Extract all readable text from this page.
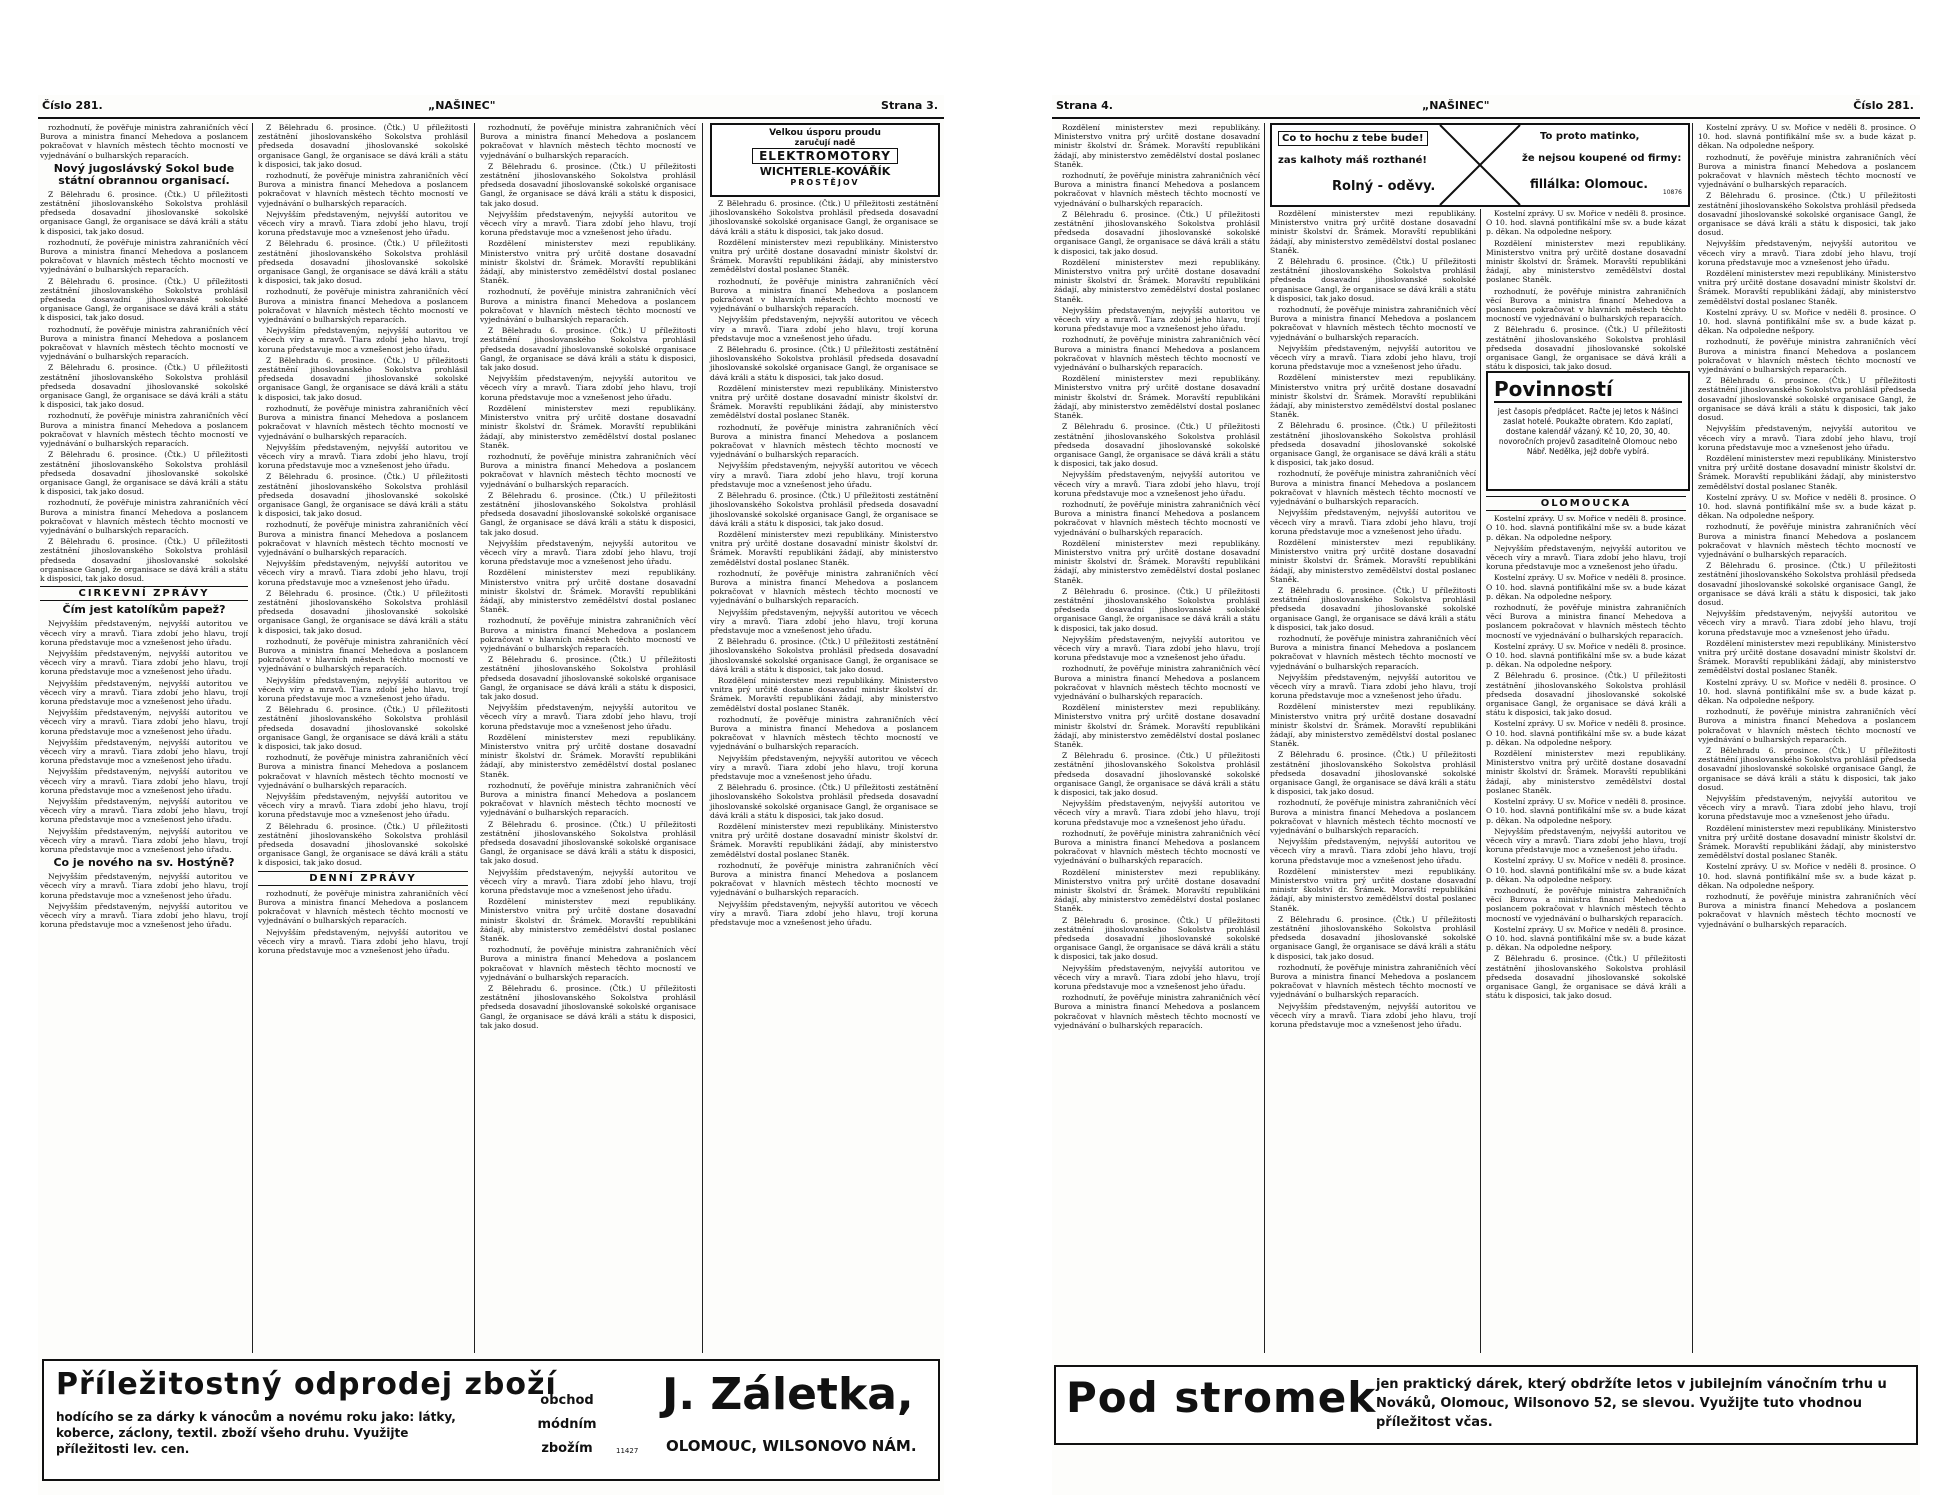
Číslo 281.	„NAŠINEC"	Strana 3.

rozhodnutí, že pověřuje ministra zahraničních věcí Burova a ministra financí Mehedova a poslancem pokračovat v hlavních městech těchto mocností ve vyjednávání o bulharských reparacích.

Nový jugoslávský Sokol bude státní obrannou organisací.

Z Bělehradu 6. prosince. (Čtk.) U příležitosti zestátnění jihoslovanského Sokolstva prohlásil předseda dosavadní jihoslovanské sokolské organisace Gangl, že organisace se dává králi a státu k disposici, tak jako dosud.

rozhodnutí, že pověřuje ministra zahraničních věcí Burova a ministra financí Mehedova a poslancem pokračovat v hlavních městech těchto mocností ve vyjednávání o bulharských reparacích.

Z Bělehradu 6. prosince. (Čtk.) U příležitosti zestátnění jihoslovanského Sokolstva prohlásil předseda dosavadní jihoslovanské sokolské organisace Gangl, že organisace se dává králi a státu k disposici, tak jako dosud.

rozhodnutí, že pověřuje ministra zahraničních věcí Burova a ministra financí Mehedova a poslancem pokračovat v hlavních městech těchto mocností ve vyjednávání o bulharských reparacích.

Z Bělehradu 6. prosince. (Čtk.) U příležitosti zestátnění jihoslovanského Sokolstva prohlásil předseda dosavadní jihoslovanské sokolské organisace Gangl, že organisace se dává králi a státu k disposici, tak jako dosud.

rozhodnutí, že pověřuje ministra zahraničních věcí Burova a ministra financí Mehedova a poslancem pokračovat v hlavních městech těchto mocností ve vyjednávání o bulharských reparacích.

Z Bělehradu 6. prosince. (Čtk.) U příležitosti zestátnění jihoslovanského Sokolstva prohlásil předseda dosavadní jihoslovanské sokolské organisace Gangl, že organisace se dává králi a státu k disposici, tak jako dosud.

rozhodnutí, že pověřuje ministra zahraničních věcí Burova a ministra financí Mehedova a poslancem pokračovat v hlavních městech těchto mocností ve vyjednávání o bulharských reparacích.

Z Bělehradu 6. prosince. (Čtk.) U příležitosti zestátnění jihoslovanského Sokolstva prohlásil předseda dosavadní jihoslovanské sokolské organisace Gangl, že organisace se dává králi a státu k disposici, tak jako dosud.

CIRKEVNÍ ZPRÁVY
Čím jest katolíkům papež?

Nejvyšším představeným, nejvyšší autoritou ve věcech víry a mravů. Tiara zdobí jeho hlavu, trojí koruna představuje moc a vznešenost jeho úřadu.

Nejvyšším představeným, nejvyšší autoritou ve věcech víry a mravů. Tiara zdobí jeho hlavu, trojí koruna představuje moc a vznešenost jeho úřadu.

Nejvyšším představeným, nejvyšší autoritou ve věcech víry a mravů. Tiara zdobí jeho hlavu, trojí koruna představuje moc a vznešenost jeho úřadu.

Nejvyšším představeným, nejvyšší autoritou ve věcech víry a mravů. Tiara zdobí jeho hlavu, trojí koruna představuje moc a vznešenost jeho úřadu.

Nejvyšším představeným, nejvyšší autoritou ve věcech víry a mravů. Tiara zdobí jeho hlavu, trojí koruna představuje moc a vznešenost jeho úřadu.

Nejvyšším představeným, nejvyšší autoritou ve věcech víry a mravů. Tiara zdobí jeho hlavu, trojí koruna představuje moc a vznešenost jeho úřadu.

Nejvyšším představeným, nejvyšší autoritou ve věcech víry a mravů. Tiara zdobí jeho hlavu, trojí koruna představuje moc a vznešenost jeho úřadu.

Nejvyšším představeným, nejvyšší autoritou ve věcech víry a mravů. Tiara zdobí jeho hlavu, trojí koruna představuje moc a vznešenost jeho úřadu.

Co je nového na sv. Hostýně?

Nejvyšším představeným, nejvyšší autoritou ve věcech víry a mravů. Tiara zdobí jeho hlavu, trojí koruna představuje moc a vznešenost jeho úřadu.

Nejvyšším představeným, nejvyšší autoritou ve věcech víry a mravů. Tiara zdobí jeho hlavu, trojí koruna představuje moc a vznešenost jeho úřadu.

Z Bělehradu 6. prosince. (Čtk.) U příležitosti zestátnění jihoslovanského Sokolstva prohlásil předseda dosavadní jihoslovanské sokolské organisace Gangl, že organisace se dává králi a státu k disposici, tak jako dosud.

rozhodnutí, že pověřuje ministra zahraničních věcí Burova a ministra financí Mehedova a poslancem pokračovat v hlavních městech těchto mocností ve vyjednávání o bulharských reparacích.

Nejvyšším představeným, nejvyšší autoritou ve věcech víry a mravů. Tiara zdobí jeho hlavu, trojí koruna představuje moc a vznešenost jeho úřadu.

Z Bělehradu 6. prosince. (Čtk.) U příležitosti zestátnění jihoslovanského Sokolstva prohlásil předseda dosavadní jihoslovanské sokolské organisace Gangl, že organisace se dává králi a státu k disposici, tak jako dosud.

rozhodnutí, že pověřuje ministra zahraničních věcí Burova a ministra financí Mehedova a poslancem pokračovat v hlavních městech těchto mocností ve vyjednávání o bulharských reparacích.

Nejvyšším představeným, nejvyšší autoritou ve věcech víry a mravů. Tiara zdobí jeho hlavu, trojí koruna představuje moc a vznešenost jeho úřadu.

Z Bělehradu 6. prosince. (Čtk.) U příležitosti zestátnění jihoslovanského Sokolstva prohlásil předseda dosavadní jihoslovanské sokolské organisace Gangl, že organisace se dává králi a státu k disposici, tak jako dosud.

rozhodnutí, že pověřuje ministra zahraničních věcí Burova a ministra financí Mehedova a poslancem pokračovat v hlavních městech těchto mocností ve vyjednávání o bulharských reparacích.

Nejvyšším představeným, nejvyšší autoritou ve věcech víry a mravů. Tiara zdobí jeho hlavu, trojí koruna představuje moc a vznešenost jeho úřadu.

Z Bělehradu 6. prosince. (Čtk.) U příležitosti zestátnění jihoslovanského Sokolstva prohlásil předseda dosavadní jihoslovanské sokolské organisace Gangl, že organisace se dává králi a státu k disposici, tak jako dosud.

rozhodnutí, že pověřuje ministra zahraničních věcí Burova a ministra financí Mehedova a poslancem pokračovat v hlavních městech těchto mocností ve vyjednávání o bulharských reparacích.

Nejvyšším představeným, nejvyšší autoritou ve věcech víry a mravů. Tiara zdobí jeho hlavu, trojí koruna představuje moc a vznešenost jeho úřadu.

Z Bělehradu 6. prosince. (Čtk.) U příležitosti zestátnění jihoslovanského Sokolstva prohlásil předseda dosavadní jihoslovanské sokolské organisace Gangl, že organisace se dává králi a státu k disposici, tak jako dosud.

rozhodnutí, že pověřuje ministra zahraničních věcí Burova a ministra financí Mehedova a poslancem pokračovat v hlavních městech těchto mocností ve vyjednávání o bulharských reparacích.

Nejvyšším představeným, nejvyšší autoritou ve věcech víry a mravů. Tiara zdobí jeho hlavu, trojí koruna představuje moc a vznešenost jeho úřadu.

Z Bělehradu 6. prosince. (Čtk.) U příležitosti zestátnění jihoslovanského Sokolstva prohlásil předseda dosavadní jihoslovanské sokolské organisace Gangl, že organisace se dává králi a státu k disposici, tak jako dosud.

rozhodnutí, že pověřuje ministra zahraničních věcí Burova a ministra financí Mehedova a poslancem pokračovat v hlavních městech těchto mocností ve vyjednávání o bulharských reparacích.

Nejvyšším představeným, nejvyšší autoritou ve věcech víry a mravů. Tiara zdobí jeho hlavu, trojí koruna představuje moc a vznešenost jeho úřadu.

Z Bělehradu 6. prosince. (Čtk.) U příležitosti zestátnění jihoslovanského Sokolstva prohlásil předseda dosavadní jihoslovanské sokolské organisace Gangl, že organisace se dává králi a státu k disposici, tak jako dosud.

DENNÍ ZPRÁVY

rozhodnutí, že pověřuje ministra zahraničních věcí Burova a ministra financí Mehedova a poslancem pokračovat v hlavních městech těchto mocností ve vyjednávání o bulharských reparacích.

Nejvyšším představeným, nejvyšší autoritou ve věcech víry a mravů. Tiara zdobí jeho hlavu, trojí koruna představuje moc a vznešenost jeho úřadu.

rozhodnutí, že pověřuje ministra zahraničních věcí Burova a ministra financí Mehedova a poslancem pokračovat v hlavních městech těchto mocností ve vyjednávání o bulharských reparacích.

Z Bělehradu 6. prosince. (Čtk.) U příležitosti zestátnění jihoslovanského Sokolstva prohlásil předseda dosavadní jihoslovanské sokolské organisace Gangl, že organisace se dává králi a státu k disposici, tak jako dosud.

Nejvyšším představeným, nejvyšší autoritou ve věcech víry a mravů. Tiara zdobí jeho hlavu, trojí koruna představuje moc a vznešenost jeho úřadu.

Rozdělení ministerstev mezi republikány. Ministerstvo vnitra prý určitě dostane dosavadní ministr školství dr. Šrámek. Moravští republikáni žádají, aby ministerstvo zemědělství dostal poslanec Staněk.

rozhodnutí, že pověřuje ministra zahraničních věcí Burova a ministra financí Mehedova a poslancem pokračovat v hlavních městech těchto mocností ve vyjednávání o bulharských reparacích.

Z Bělehradu 6. prosince. (Čtk.) U příležitosti zestátnění jihoslovanského Sokolstva prohlásil předseda dosavadní jihoslovanské sokolské organisace Gangl, že organisace se dává králi a státu k disposici, tak jako dosud.

Nejvyšším představeným, nejvyšší autoritou ve věcech víry a mravů. Tiara zdobí jeho hlavu, trojí koruna představuje moc a vznešenost jeho úřadu.

Rozdělení ministerstev mezi republikány. Ministerstvo vnitra prý určitě dostane dosavadní ministr školství dr. Šrámek. Moravští republikáni žádají, aby ministerstvo zemědělství dostal poslanec Staněk.

rozhodnutí, že pověřuje ministra zahraničních věcí Burova a ministra financí Mehedova a poslancem pokračovat v hlavních městech těchto mocností ve vyjednávání o bulharských reparacích.

Z Bělehradu 6. prosince. (Čtk.) U příležitosti zestátnění jihoslovanského Sokolstva prohlásil předseda dosavadní jihoslovanské sokolské organisace Gangl, že organisace se dává králi a státu k disposici, tak jako dosud.

Nejvyšším představeným, nejvyšší autoritou ve věcech víry a mravů. Tiara zdobí jeho hlavu, trojí koruna představuje moc a vznešenost jeho úřadu.

Rozdělení ministerstev mezi republikány. Ministerstvo vnitra prý určitě dostane dosavadní ministr školství dr. Šrámek. Moravští republikáni žádají, aby ministerstvo zemědělství dostal poslanec Staněk.

rozhodnutí, že pověřuje ministra zahraničních věcí Burova a ministra financí Mehedova a poslancem pokračovat v hlavních městech těchto mocností ve vyjednávání o bulharských reparacích.

Z Bělehradu 6. prosince. (Čtk.) U příležitosti zestátnění jihoslovanského Sokolstva prohlásil předseda dosavadní jihoslovanské sokolské organisace Gangl, že organisace se dává králi a státu k disposici, tak jako dosud.

Nejvyšším představeným, nejvyšší autoritou ve věcech víry a mravů. Tiara zdobí jeho hlavu, trojí koruna představuje moc a vznešenost jeho úřadu.

Rozdělení ministerstev mezi republikány. Ministerstvo vnitra prý určitě dostane dosavadní ministr školství dr. Šrámek. Moravští republikáni žádají, aby ministerstvo zemědělství dostal poslanec Staněk.

rozhodnutí, že pověřuje ministra zahraničních věcí Burova a ministra financí Mehedova a poslancem pokračovat v hlavních městech těchto mocností ve vyjednávání o bulharských reparacích.

Z Bělehradu 6. prosince. (Čtk.) U příležitosti zestátnění jihoslovanského Sokolstva prohlásil předseda dosavadní jihoslovanské sokolské organisace Gangl, že organisace se dává králi a státu k disposici, tak jako dosud.

Nejvyšším představeným, nejvyšší autoritou ve věcech víry a mravů. Tiara zdobí jeho hlavu, trojí koruna představuje moc a vznešenost jeho úřadu.

Rozdělení ministerstev mezi republikány. Ministerstvo vnitra prý určitě dostane dosavadní ministr školství dr. Šrámek. Moravští republikáni žádají, aby ministerstvo zemědělství dostal poslanec Staněk.

rozhodnutí, že pověřuje ministra zahraničních věcí Burova a ministra financí Mehedova a poslancem pokračovat v hlavních městech těchto mocností ve vyjednávání o bulharských reparacích.

Z Bělehradu 6. prosince. (Čtk.) U příležitosti zestátnění jihoslovanského Sokolstva prohlásil předseda dosavadní jihoslovanské sokolské organisace Gangl, že organisace se dává králi a státu k disposici, tak jako dosud.

Velkou úsporu proudu
zaručují nadě
ELEKTROMOTORY
WICHTERLE-KOVÁŘÍK
PROSTĚJOV

Z Bělehradu 6. prosince. (Čtk.) U příležitosti zestátnění jihoslovanského Sokolstva prohlásil předseda dosavadní jihoslovanské sokolské organisace Gangl, že organisace se dává králi a státu k disposici, tak jako dosud.

Rozdělení ministerstev mezi republikány. Ministerstvo vnitra prý určitě dostane dosavadní ministr školství dr. Šrámek. Moravští republikáni žádají, aby ministerstvo zemědělství dostal poslanec Staněk.

rozhodnutí, že pověřuje ministra zahraničních věcí Burova a ministra financí Mehedova a poslancem pokračovat v hlavních městech těchto mocností ve vyjednávání o bulharských reparacích.

Nejvyšším představeným, nejvyšší autoritou ve věcech víry a mravů. Tiara zdobí jeho hlavu, trojí koruna představuje moc a vznešenost jeho úřadu.

Z Bělehradu 6. prosince. (Čtk.) U příležitosti zestátnění jihoslovanského Sokolstva prohlásil předseda dosavadní jihoslovanské sokolské organisace Gangl, že organisace se dává králi a státu k disposici, tak jako dosud.

Rozdělení ministerstev mezi republikány. Ministerstvo vnitra prý určitě dostane dosavadní ministr školství dr. Šrámek. Moravští republikáni žádají, aby ministerstvo zemědělství dostal poslanec Staněk.

rozhodnutí, že pověřuje ministra zahraničních věcí Burova a ministra financí Mehedova a poslancem pokračovat v hlavních městech těchto mocností ve vyjednávání o bulharských reparacích.

Nejvyšším představeným, nejvyšší autoritou ve věcech víry a mravů. Tiara zdobí jeho hlavu, trojí koruna představuje moc a vznešenost jeho úřadu.

Z Bělehradu 6. prosince. (Čtk.) U příležitosti zestátnění jihoslovanského Sokolstva prohlásil předseda dosavadní jihoslovanské sokolské organisace Gangl, že organisace se dává králi a státu k disposici, tak jako dosud.

Rozdělení ministerstev mezi republikány. Ministerstvo vnitra prý určitě dostane dosavadní ministr školství dr. Šrámek. Moravští republikáni žádají, aby ministerstvo zemědělství dostal poslanec Staněk.

rozhodnutí, že pověřuje ministra zahraničních věcí Burova a ministra financí Mehedova a poslancem pokračovat v hlavních městech těchto mocností ve vyjednávání o bulharských reparacích.

Nejvyšším představeným, nejvyšší autoritou ve věcech víry a mravů. Tiara zdobí jeho hlavu, trojí koruna představuje moc a vznešenost jeho úřadu.

Z Bělehradu 6. prosince. (Čtk.) U příležitosti zestátnění jihoslovanského Sokolstva prohlásil předseda dosavadní jihoslovanské sokolské organisace Gangl, že organisace se dává králi a státu k disposici, tak jako dosud.

Rozdělení ministerstev mezi republikány. Ministerstvo vnitra prý určitě dostane dosavadní ministr školství dr. Šrámek. Moravští republikáni žádají, aby ministerstvo zemědělství dostal poslanec Staněk.

rozhodnutí, že pověřuje ministra zahraničních věcí Burova a ministra financí Mehedova a poslancem pokračovat v hlavních městech těchto mocností ve vyjednávání o bulharských reparacích.

Nejvyšším představeným, nejvyšší autoritou ve věcech víry a mravů. Tiara zdobí jeho hlavu, trojí koruna představuje moc a vznešenost jeho úřadu.

Z Bělehradu 6. prosince. (Čtk.) U příležitosti zestátnění jihoslovanského Sokolstva prohlásil předseda dosavadní jihoslovanské sokolské organisace Gangl, že organisace se dává králi a státu k disposici, tak jako dosud.

Rozdělení ministerstev mezi republikány. Ministerstvo vnitra prý určitě dostane dosavadní ministr školství dr. Šrámek. Moravští republikáni žádají, aby ministerstvo zemědělství dostal poslanec Staněk.

rozhodnutí, že pověřuje ministra zahraničních věcí Burova a ministra financí Mehedova a poslancem pokračovat v hlavních městech těchto mocností ve vyjednávání o bulharských reparacích.

Nejvyšším představeným, nejvyšší autoritou ve věcech víry a mravů. Tiara zdobí jeho hlavu, trojí koruna představuje moc a vznešenost jeho úřadu.

Příležitostný odprodej zboží
hodícího se za dárky k vánocům a novému roku jako: látky, koberce, záclony, textil. zboží všeho druhu. Využijte příležitosti lev. cen.
obchod módním zbožím	11427
J. Záletka,
OLOMOUC, WILSONOVO NÁM.
Strana 4.	„NAŠINEC"	Číslo 281.

Rozdělení ministerstev mezi republikány. Ministerstvo vnitra prý určitě dostane dosavadní ministr školství dr. Šrámek. Moravští republikáni žádají, aby ministerstvo zemědělství dostal poslanec Staněk.

rozhodnutí, že pověřuje ministra zahraničních věcí Burova a ministra financí Mehedova a poslancem pokračovat v hlavních městech těchto mocností ve vyjednávání o bulharských reparacích.

Z Bělehradu 6. prosince. (Čtk.) U příležitosti zestátnění jihoslovanského Sokolstva prohlásil předseda dosavadní jihoslovanské sokolské organisace Gangl, že organisace se dává králi a státu k disposici, tak jako dosud.

Rozdělení ministerstev mezi republikány. Ministerstvo vnitra prý určitě dostane dosavadní ministr školství dr. Šrámek. Moravští republikáni žádají, aby ministerstvo zemědělství dostal poslanec Staněk.

Nejvyšším představeným, nejvyšší autoritou ve věcech víry a mravů. Tiara zdobí jeho hlavu, trojí koruna představuje moc a vznešenost jeho úřadu.

rozhodnutí, že pověřuje ministra zahraničních věcí Burova a ministra financí Mehedova a poslancem pokračovat v hlavních městech těchto mocností ve vyjednávání o bulharských reparacích.

Rozdělení ministerstev mezi republikány. Ministerstvo vnitra prý určitě dostane dosavadní ministr školství dr. Šrámek. Moravští republikáni žádají, aby ministerstvo zemědělství dostal poslanec Staněk.

Z Bělehradu 6. prosince. (Čtk.) U příležitosti zestátnění jihoslovanského Sokolstva prohlásil předseda dosavadní jihoslovanské sokolské organisace Gangl, že organisace se dává králi a státu k disposici, tak jako dosud.

Nejvyšším představeným, nejvyšší autoritou ve věcech víry a mravů. Tiara zdobí jeho hlavu, trojí koruna představuje moc a vznešenost jeho úřadu.

rozhodnutí, že pověřuje ministra zahraničních věcí Burova a ministra financí Mehedova a poslancem pokračovat v hlavních městech těchto mocností ve vyjednávání o bulharských reparacích.

Rozdělení ministerstev mezi republikány. Ministerstvo vnitra prý určitě dostane dosavadní ministr školství dr. Šrámek. Moravští republikáni žádají, aby ministerstvo zemědělství dostal poslanec Staněk.

Z Bělehradu 6. prosince. (Čtk.) U příležitosti zestátnění jihoslovanského Sokolstva prohlásil předseda dosavadní jihoslovanské sokolské organisace Gangl, že organisace se dává králi a státu k disposici, tak jako dosud.

Nejvyšším představeným, nejvyšší autoritou ve věcech víry a mravů. Tiara zdobí jeho hlavu, trojí koruna představuje moc a vznešenost jeho úřadu.

rozhodnutí, že pověřuje ministra zahraničních věcí Burova a ministra financí Mehedova a poslancem pokračovat v hlavních městech těchto mocností ve vyjednávání o bulharských reparacích.

Rozdělení ministerstev mezi republikány. Ministerstvo vnitra prý určitě dostane dosavadní ministr školství dr. Šrámek. Moravští republikáni žádají, aby ministerstvo zemědělství dostal poslanec Staněk.

Z Bělehradu 6. prosince. (Čtk.) U příležitosti zestátnění jihoslovanského Sokolstva prohlásil předseda dosavadní jihoslovanské sokolské organisace Gangl, že organisace se dává králi a státu k disposici, tak jako dosud.

Nejvyšším představeným, nejvyšší autoritou ve věcech víry a mravů. Tiara zdobí jeho hlavu, trojí koruna představuje moc a vznešenost jeho úřadu.

rozhodnutí, že pověřuje ministra zahraničních věcí Burova a ministra financí Mehedova a poslancem pokračovat v hlavních městech těchto mocností ve vyjednávání o bulharských reparacích.

Rozdělení ministerstev mezi republikány. Ministerstvo vnitra prý určitě dostane dosavadní ministr školství dr. Šrámek. Moravští republikáni žádají, aby ministerstvo zemědělství dostal poslanec Staněk.

Z Bělehradu 6. prosince. (Čtk.) U příležitosti zestátnění jihoslovanského Sokolstva prohlásil předseda dosavadní jihoslovanské sokolské organisace Gangl, že organisace se dává králi a státu k disposici, tak jako dosud.

Nejvyšším představeným, nejvyšší autoritou ve věcech víry a mravů. Tiara zdobí jeho hlavu, trojí koruna představuje moc a vznešenost jeho úřadu.

rozhodnutí, že pověřuje ministra zahraničních věcí Burova a ministra financí Mehedova a poslancem pokračovat v hlavních městech těchto mocností ve vyjednávání o bulharských reparacích.

Co to hochu z tebe bude!
zas kalhoty máš rozthané!
Rolný - oděvy.
To proto matinko,
že nejsou koupené od firmy:
fillálka: Olomouc.
10876

Rozdělení ministerstev mezi republikány. Ministerstvo vnitra prý určitě dostane dosavadní ministr školství dr. Šrámek. Moravští republikáni žádají, aby ministerstvo zemědělství dostal poslanec Staněk.

Z Bělehradu 6. prosince. (Čtk.) U příležitosti zestátnění jihoslovanského Sokolstva prohlásil předseda dosavadní jihoslovanské sokolské organisace Gangl, že organisace se dává králi a státu k disposici, tak jako dosud.

rozhodnutí, že pověřuje ministra zahraničních věcí Burova a ministra financí Mehedova a poslancem pokračovat v hlavních městech těchto mocností ve vyjednávání o bulharských reparacích.

Nejvyšším představeným, nejvyšší autoritou ve věcech víry a mravů. Tiara zdobí jeho hlavu, trojí koruna představuje moc a vznešenost jeho úřadu.

Rozdělení ministerstev mezi republikány. Ministerstvo vnitra prý určitě dostane dosavadní ministr školství dr. Šrámek. Moravští republikáni žádají, aby ministerstvo zemědělství dostal poslanec Staněk.

Z Bělehradu 6. prosince. (Čtk.) U příležitosti zestátnění jihoslovanského Sokolstva prohlásil předseda dosavadní jihoslovanské sokolské organisace Gangl, že organisace se dává králi a státu k disposici, tak jako dosud.

rozhodnutí, že pověřuje ministra zahraničních věcí Burova a ministra financí Mehedova a poslancem pokračovat v hlavních městech těchto mocností ve vyjednávání o bulharských reparacích.

Nejvyšším představeným, nejvyšší autoritou ve věcech víry a mravů. Tiara zdobí jeho hlavu, trojí koruna představuje moc a vznešenost jeho úřadu.

Rozdělení ministerstev mezi republikány. Ministerstvo vnitra prý určitě dostane dosavadní ministr školství dr. Šrámek. Moravští republikáni žádají, aby ministerstvo zemědělství dostal poslanec Staněk.

Z Bělehradu 6. prosince. (Čtk.) U příležitosti zestátnění jihoslovanského Sokolstva prohlásil předseda dosavadní jihoslovanské sokolské organisace Gangl, že organisace se dává králi a státu k disposici, tak jako dosud.

rozhodnutí, že pověřuje ministra zahraničních věcí Burova a ministra financí Mehedova a poslancem pokračovat v hlavních městech těchto mocností ve vyjednávání o bulharských reparacích.

Nejvyšším představeným, nejvyšší autoritou ve věcech víry a mravů. Tiara zdobí jeho hlavu, trojí koruna představuje moc a vznešenost jeho úřadu.

Rozdělení ministerstev mezi republikány. Ministerstvo vnitra prý určitě dostane dosavadní ministr školství dr. Šrámek. Moravští republikáni žádají, aby ministerstvo zemědělství dostal poslanec Staněk.

Z Bělehradu 6. prosince. (Čtk.) U příležitosti zestátnění jihoslovanského Sokolstva prohlásil předseda dosavadní jihoslovanské sokolské organisace Gangl, že organisace se dává králi a státu k disposici, tak jako dosud.

rozhodnutí, že pověřuje ministra zahraničních věcí Burova a ministra financí Mehedova a poslancem pokračovat v hlavních městech těchto mocností ve vyjednávání o bulharských reparacích.

Nejvyšším představeným, nejvyšší autoritou ve věcech víry a mravů. Tiara zdobí jeho hlavu, trojí koruna představuje moc a vznešenost jeho úřadu.

Rozdělení ministerstev mezi republikány. Ministerstvo vnitra prý určitě dostane dosavadní ministr školství dr. Šrámek. Moravští republikáni žádají, aby ministerstvo zemědělství dostal poslanec Staněk.

Z Bělehradu 6. prosince. (Čtk.) U příležitosti zestátnění jihoslovanského Sokolstva prohlásil předseda dosavadní jihoslovanské sokolské organisace Gangl, že organisace se dává králi a státu k disposici, tak jako dosud.

rozhodnutí, že pověřuje ministra zahraničních věcí Burova a ministra financí Mehedova a poslancem pokračovat v hlavních městech těchto mocností ve vyjednávání o bulharských reparacích.

Nejvyšším představeným, nejvyšší autoritou ve věcech víry a mravů. Tiara zdobí jeho hlavu, trojí koruna představuje moc a vznešenost jeho úřadu.

Povinností
jest časopis předplácet. Račte jej letos k Nášinci zaslat hotelé. Poukažte obratem. Kdo zaplatí, dostane kalendář vázaný. Kč 10, 20, 30, 40. novoročních projevů zasaditelně Olomouc nebo Nábř. Nedělka, jejž dobře vybírá.

Kostelní zprávy. U sv. Mořice v neděli 8. prosince. O 10. hod. slavná pontifikální mše sv. a bude kázat p. děkan. Na odpoledne nešpory.

Rozdělení ministerstev mezi republikány. Ministerstvo vnitra prý určitě dostane dosavadní ministr školství dr. Šrámek. Moravští republikáni žádají, aby ministerstvo zemědělství dostal poslanec Staněk.

rozhodnutí, že pověřuje ministra zahraničních věcí Burova a ministra financí Mehedova a poslancem pokračovat v hlavních městech těchto mocností ve vyjednávání o bulharských reparacích.

Z Bělehradu 6. prosince. (Čtk.) U příležitosti zestátnění jihoslovanského Sokolstva prohlásil předseda dosavadní jihoslovanské sokolské organisace Gangl, že organisace se dává králi a státu k disposici, tak jako dosud.

OLOMOUCKA

Kostelní zprávy. U sv. Mořice v neděli 8. prosince. O 10. hod. slavná pontifikální mše sv. a bude kázat p. děkan. Na odpoledne nešpory.

Nejvyšším představeným, nejvyšší autoritou ve věcech víry a mravů. Tiara zdobí jeho hlavu, trojí koruna představuje moc a vznešenost jeho úřadu.

Kostelní zprávy. U sv. Mořice v neděli 8. prosince. O 10. hod. slavná pontifikální mše sv. a bude kázat p. děkan. Na odpoledne nešpory.

rozhodnutí, že pověřuje ministra zahraničních věcí Burova a ministra financí Mehedova a poslancem pokračovat v hlavních městech těchto mocností ve vyjednávání o bulharských reparacích.

Kostelní zprávy. U sv. Mořice v neděli 8. prosince. O 10. hod. slavná pontifikální mše sv. a bude kázat p. děkan. Na odpoledne nešpory.

Z Bělehradu 6. prosince. (Čtk.) U příležitosti zestátnění jihoslovanského Sokolstva prohlásil předseda dosavadní jihoslovanské sokolské organisace Gangl, že organisace se dává králi a státu k disposici, tak jako dosud.

Kostelní zprávy. U sv. Mořice v neděli 8. prosince. O 10. hod. slavná pontifikální mše sv. a bude kázat p. děkan. Na odpoledne nešpory.

Rozdělení ministerstev mezi republikány. Ministerstvo vnitra prý určitě dostane dosavadní ministr školství dr. Šrámek. Moravští republikáni žádají, aby ministerstvo zemědělství dostal poslanec Staněk.

Kostelní zprávy. U sv. Mořice v neděli 8. prosince. O 10. hod. slavná pontifikální mše sv. a bude kázat p. děkan. Na odpoledne nešpory.

Nejvyšším představeným, nejvyšší autoritou ve věcech víry a mravů. Tiara zdobí jeho hlavu, trojí koruna představuje moc a vznešenost jeho úřadu.

Kostelní zprávy. U sv. Mořice v neděli 8. prosince. O 10. hod. slavná pontifikální mše sv. a bude kázat p. děkan. Na odpoledne nešpory.

rozhodnutí, že pověřuje ministra zahraničních věcí Burova a ministra financí Mehedova a poslancem pokračovat v hlavních městech těchto mocností ve vyjednávání o bulharských reparacích.

Kostelní zprávy. U sv. Mořice v neděli 8. prosince. O 10. hod. slavná pontifikální mše sv. a bude kázat p. děkan. Na odpoledne nešpory.

Z Bělehradu 6. prosince. (Čtk.) U příležitosti zestátnění jihoslovanského Sokolstva prohlásil předseda dosavadní jihoslovanské sokolské organisace Gangl, že organisace se dává králi a státu k disposici, tak jako dosud.

Kostelní zprávy. U sv. Mořice v neděli 8. prosince. O 10. hod. slavná pontifikální mše sv. a bude kázat p. děkan. Na odpoledne nešpory.

rozhodnutí, že pověřuje ministra zahraničních věcí Burova a ministra financí Mehedova a poslancem pokračovat v hlavních městech těchto mocností ve vyjednávání o bulharských reparacích.

Z Bělehradu 6. prosince. (Čtk.) U příležitosti zestátnění jihoslovanského Sokolstva prohlásil předseda dosavadní jihoslovanské sokolské organisace Gangl, že organisace se dává králi a státu k disposici, tak jako dosud.

Nejvyšším představeným, nejvyšší autoritou ve věcech víry a mravů. Tiara zdobí jeho hlavu, trojí koruna představuje moc a vznešenost jeho úřadu.

Rozdělení ministerstev mezi republikány. Ministerstvo vnitra prý určitě dostane dosavadní ministr školství dr. Šrámek. Moravští republikáni žádají, aby ministerstvo zemědělství dostal poslanec Staněk.

Kostelní zprávy. U sv. Mořice v neděli 8. prosince. O 10. hod. slavná pontifikální mše sv. a bude kázat p. děkan. Na odpoledne nešpory.

rozhodnutí, že pověřuje ministra zahraničních věcí Burova a ministra financí Mehedova a poslancem pokračovat v hlavních městech těchto mocností ve vyjednávání o bulharských reparacích.

Z Bělehradu 6. prosince. (Čtk.) U příležitosti zestátnění jihoslovanského Sokolstva prohlásil předseda dosavadní jihoslovanské sokolské organisace Gangl, že organisace se dává králi a státu k disposici, tak jako dosud.

Nejvyšším představeným, nejvyšší autoritou ve věcech víry a mravů. Tiara zdobí jeho hlavu, trojí koruna představuje moc a vznešenost jeho úřadu.

Rozdělení ministerstev mezi republikány. Ministerstvo vnitra prý určitě dostane dosavadní ministr školství dr. Šrámek. Moravští republikáni žádají, aby ministerstvo zemědělství dostal poslanec Staněk.

Kostelní zprávy. U sv. Mořice v neděli 8. prosince. O 10. hod. slavná pontifikální mše sv. a bude kázat p. děkan. Na odpoledne nešpory.

rozhodnutí, že pověřuje ministra zahraničních věcí Burova a ministra financí Mehedova a poslancem pokračovat v hlavních městech těchto mocností ve vyjednávání o bulharských reparacích.

Z Bělehradu 6. prosince. (Čtk.) U příležitosti zestátnění jihoslovanského Sokolstva prohlásil předseda dosavadní jihoslovanské sokolské organisace Gangl, že organisace se dává králi a státu k disposici, tak jako dosud.

Nejvyšším představeným, nejvyšší autoritou ve věcech víry a mravů. Tiara zdobí jeho hlavu, trojí koruna představuje moc a vznešenost jeho úřadu.

Rozdělení ministerstev mezi republikány. Ministerstvo vnitra prý určitě dostane dosavadní ministr školství dr. Šrámek. Moravští republikáni žádají, aby ministerstvo zemědělství dostal poslanec Staněk.

Kostelní zprávy. U sv. Mořice v neděli 8. prosince. O 10. hod. slavná pontifikální mše sv. a bude kázat p. děkan. Na odpoledne nešpory.

rozhodnutí, že pověřuje ministra zahraničních věcí Burova a ministra financí Mehedova a poslancem pokračovat v hlavních městech těchto mocností ve vyjednávání o bulharských reparacích.

Z Bělehradu 6. prosince. (Čtk.) U příležitosti zestátnění jihoslovanského Sokolstva prohlásil předseda dosavadní jihoslovanské sokolské organisace Gangl, že organisace se dává králi a státu k disposici, tak jako dosud.

Nejvyšším představeným, nejvyšší autoritou ve věcech víry a mravů. Tiara zdobí jeho hlavu, trojí koruna představuje moc a vznešenost jeho úřadu.

Rozdělení ministerstev mezi republikány. Ministerstvo vnitra prý určitě dostane dosavadní ministr školství dr. Šrámek. Moravští republikáni žádají, aby ministerstvo zemědělství dostal poslanec Staněk.

Kostelní zprávy. U sv. Mořice v neděli 8. prosince. O 10. hod. slavná pontifikální mše sv. a bude kázat p. děkan. Na odpoledne nešpory.

rozhodnutí, že pověřuje ministra zahraničních věcí Burova a ministra financí Mehedova a poslancem pokračovat v hlavních městech těchto mocností ve vyjednávání o bulharských reparacích.

Pod stromek jen praktický dárek, který obdržíte letos v jubilejním vánočním trhu u Nováků, Olomouc, Wilsonovo 52, se slevou. Využijte tuto vhodnou příležitost včas.
